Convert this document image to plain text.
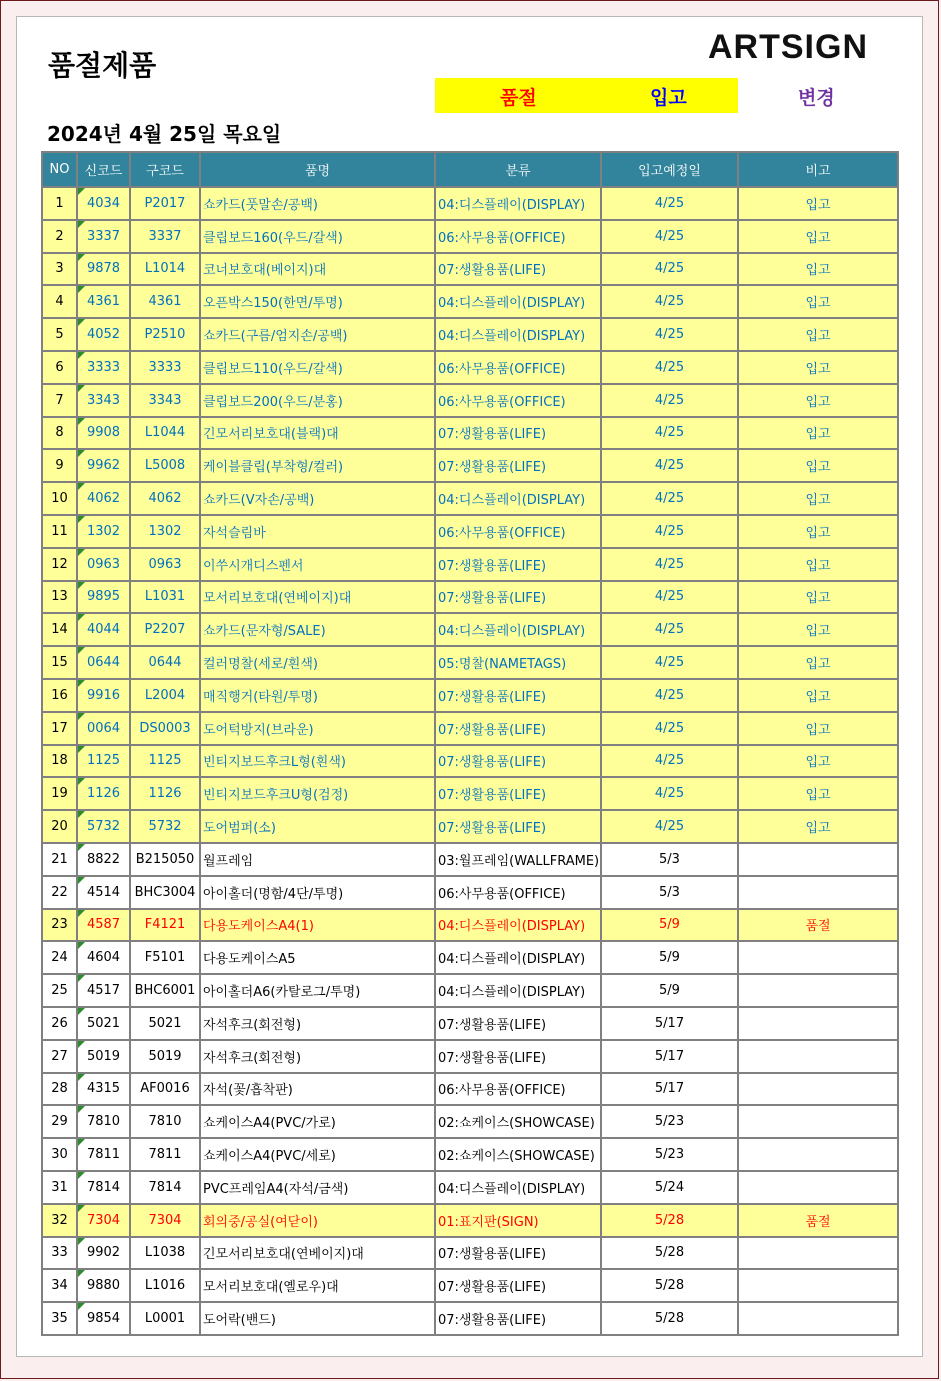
품절제품	ARTSIGN
품절	입고	변경
2024년 4월 25일 목요일
NO	신코드	구코드	품명	분류	입고예정일	비고
1	4034	P2017	쇼카드(풋말손/공백)	04:디스플레이(DISPLAY)	4/25	입고
2	3337	3337	클립보드160(우드/갈색)	06:사무용품(OFFICE)	4/25	입고
3	9878	L1014	코너보호대(베이지)대	07:생활용품(LIFE)	4/25	입고
4	4361	4361	오픈박스150(한면/투명)	04:디스플레이(DISPLAY)	4/25	입고
5	4052	P2510	쇼카드(구름/엄지손/공백)	04:디스플레이(DISPLAY)	4/25	입고
6	3333	3333	클립보드110(우드/갈색)	06:사무용품(OFFICE)	4/25	입고
7	3343	3343	클립보드200(우드/분홍)	06:사무용품(OFFICE)	4/25	입고
8	9908	L1044	긴모서리보호대(블랙)대	07:생활용품(LIFE)	4/25	입고
9	9962	L5008	케이블클립(부착형/컬러)	07:생활용품(LIFE)	4/25	입고
10	4062	4062	쇼카드(V자손/공백)	04:디스플레이(DISPLAY)	4/25	입고
11	1302	1302	자석슬림바	06:사무용품(OFFICE)	4/25	입고
12	0963	0963	이쑤시개디스펜서	07:생활용품(LIFE)	4/25	입고
13	9895	L1031	모서리보호대(연베이지)대	07:생활용품(LIFE)	4/25	입고
14	4044	P2207	쇼카드(문자형/SALE)	04:디스플레이(DISPLAY)	4/25	입고
15	0644	0644	컬러명찰(세로/흰색)	05:명찰(NAMETAGS)	4/25	입고
16	9916	L2004	매직행거(타원/투명)	07:생활용품(LIFE)	4/25	입고
17	0064	DS0003	도어턱방지(브라운)	07:생활용품(LIFE)	4/25	입고
18	1125	1125	빈티지보드후크L형(흰색)	07:생활용품(LIFE)	4/25	입고
19	1126	1126	빈티지보드후크U형(검정)	07:생활용품(LIFE)	4/25	입고
20	5732	5732	도어범퍼(소)	07:생활용품(LIFE)	4/25	입고
21	8822	B215050	월프레임	03:월프레임(WALLFRAME)	5/3	
22	4514	BHC3004	아이홀더(명함/4단/투명)	06:사무용품(OFFICE)	5/3	
23	4587	F4121	다용도케이스A4(1)	04:디스플레이(DISPLAY)	5/9	품절
24	4604	F5101	다용도케이스A5	04:디스플레이(DISPLAY)	5/9	
25	4517	BHC6001	아이홀더A6(카탈로그/투명)	04:디스플레이(DISPLAY)	5/9	
26	5021	5021	자석후크(회전형)	07:생활용품(LIFE)	5/17	
27	5019	5019	자석후크(회전형)	07:생활용품(LIFE)	5/17	
28	4315	AF0016	자석(꽃/흡착판)	06:사무용품(OFFICE)	5/17	
29	7810	7810	쇼케이스A4(PVC/가로)	02:쇼케이스(SHOWCASE)	5/23	
30	7811	7811	쇼케이스A4(PVC/세로)	02:쇼케이스(SHOWCASE)	5/23	
31	7814	7814	PVC프레임A4(자석/금색)	04:디스플레이(DISPLAY)	5/24	
32	7304	7304	회의중/공실(여닫이)	01:표지판(SIGN)	5/28	품절
33	9902	L1038	긴모서리보호대(연베이지)대	07:생활용품(LIFE)	5/28	
34	9880	L1016	모서리보호대(옐로우)대	07:생활용품(LIFE)	5/28	
35	9854	L0001	도어락(밴드)	07:생활용품(LIFE)	5/28	
